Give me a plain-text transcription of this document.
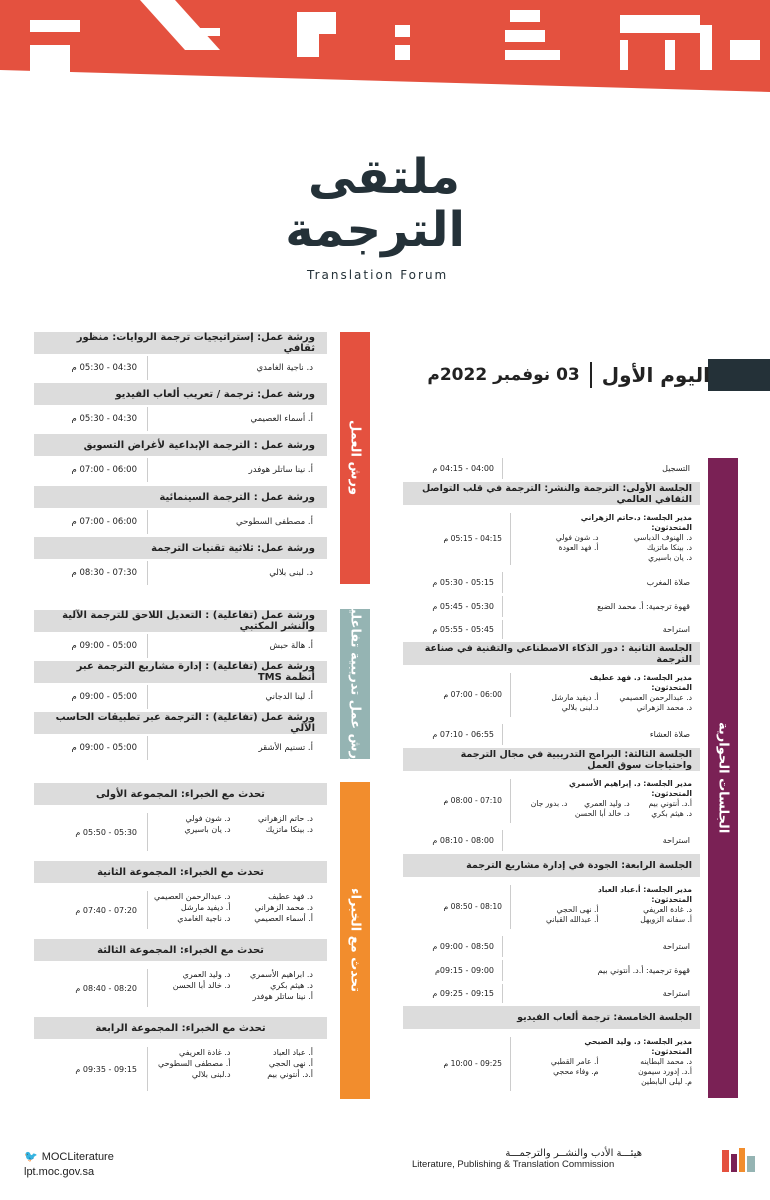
ملتقى
الترجمة
Translation Forum
اليوم الأول
03 نوفمبر 2022م
ورش العمل
ورش عمل تدريبية تفاعلية
تحدث مع الخبراء
الجلسات الحوارية
ورشة عمل: إستراتيجيات ترجمة الروايات: منظور ثقافي
د. ناجية الغامدي
04:30 - 05:30 م
ورشة عمل: ترجمة / تعريب ألعاب الفيديو
أ. أسماء العصيمي
04:30 - 05:30 م
ورشة عمل : الترجمة الإبداعية لأغراض التسويق
أ. نينا ساتلر هوفدر
06:00 - 07:00 م
ورشة عمل : الترجمة السينمائية
أ. مصطفى السطوحي
06:00 - 07:00 م
ورشة عمل: ثلاثية تقنيات الترجمة
د. لبنى بلالي
07:30 - 08:30 م
ورشة عمل (تفاعلية) : التعديل اللاحق للترجمة الآلية والنشر المكتبي
أ. هالة حبش
05:00 - 09:00 م
ورشة عمل (تفاعلية) : إدارة مشاريع الترجمة عبر أنظمة TMS
أ. لينا الدجاني
05:00 - 09:00 م
ورشة عمل (تفاعلية) : الترجمة عبر تطبيقات الحاسب الآلي
أ. تسنيم الأشقر
05:00 - 09:00 م
تحدث مع الخبراء: المجموعة الأولى
د. حاتم الزهراني
د. بينكا ماتزيك
د. شون فولي
د. يان باسيري
05:30 - 05:50 م
تحدث مع الخبراء: المجموعة الثانية
د. فهد عطيف
د. محمد الزهراني
أ. أسماء العصيمي
د. عبدالرحمن العصيمي
أ. ديفيد مارشل
د. ناجية الغامدي
07:20 - 07:40 م
تحدث مع الخبراء: المجموعة الثالثة
د. ابراهيم الأسمري
د. هيثم بكري
أ. نينا ساتلر هوفدر
د. وليد العمري
د. خالد أبا الحسن
08:20 - 08:40 م
تحدث مع الخبراء: المجموعة الرابعة
أ. عباد العباد
أ. نهى الحجي
أ.د. أنتوني بيم
د. غادة العريفي
أ. مصطفى السطوحي
د.لبنى بلالي
09:15 - 09:35 م
التسجيل
04:00 - 04:15 م
الجلسة الأولى: الترجمة والنشر: الترجمة في قلب التواصل الثقافي العالمي
مدير الجلسة: د.حاتم الزهراني
المتحدثون:
د. الهنوف الدباسي
د. بينكا ماتزيك
د. يان باسيري
د. شون فولي
أ. فهد العودة
04:15 - 05:15 م
صلاة المغرب
05:15 - 05:30 م
قهوة ترجمية: أ. محمد الضبع
05:30 - 05:45 م
استراحة
05:45 - 05:55 م
الجلسة الثانية : دور الذكاء الاصطناعي والتقنية في صناعة الترجمة
مدير الجلسة: د. فهد عطيف
المتحدثون:
د. عبدالرحمن العصيمي
د. محمد الزهراني
أ. ديفيد مارشل
د.لبنى بلالي
06:00 - 07:00 م
صلاة العشاء
06:55 - 07:10 م
الجلسة الثالثة: البرامج التدريبية في مجال الترجمة واحتياجات سوق العمل
مدير الجلسة: د. إبراهيم الأسمري
المتحدثون:
أ.د. أنتوني بيم
د. هيثم بكري
د. وليد العمري
د. خالد أبا الحسن
د. بدور جان
07:10 - 08:00 م
استراحة
08:00 - 08:10 م
الجلسة الرابعة: الجودة في إدارة مشاريع الترجمة
مدير الجلسة: أ.عباد العباد
المتحدثون:
د. غادة العريفي
أ. سفانه الزويهل
أ. نهى الحجي
أ. عبدالله القباني
08:10 - 08:50 م
استراحة
08:50 - 09:00 م
قهوة ترجمية: أ.د. أنتوني بيم
09:00 - 09:15م
استراحة
09:15 - 09:25 م
الجلسة الخامسة: ترجمة ألعاب الفيديو
مدير الجلسة: د. وليد الصبحي
المتحدثون:
د. محمد البطاينه
أ.د. إدورد سيمون
م. ليلى البابطين
أ. عامر القطبي
م. وفاء محجي
09:25 - 10:00 م
🐦 MOCLiterature
lpt.moc.gov.sa
هيئـــة الأدب والنشــر والترجمـــة
Literature, Publishing & Translation Commission
